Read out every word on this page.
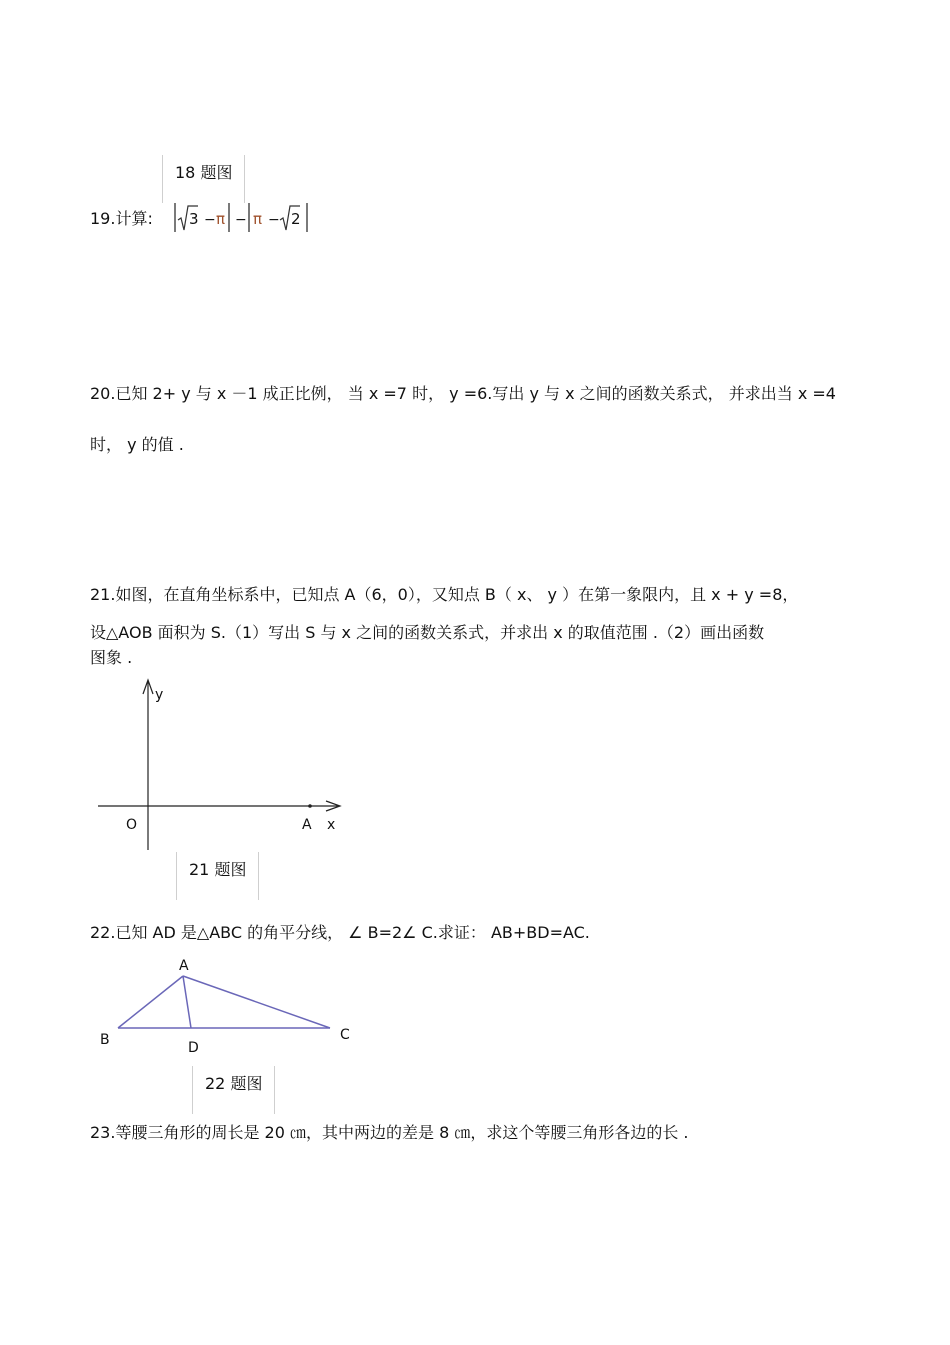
18 题图
19.计算: 3 − π − π − 2
20.已知 2+ y 与 x －1 成正比例， 当 x =7 时， y =6.写出 y 与 x 之间的函数关系式， 并求出当 x =4
时， y 的值 .
21.如图，在直角坐标系中，已知点 A（6，0），又知点 B（ x、 y ）在第一象限内，且 x + y =8，
设△AOB 面积为 S.（1）写出 S 与 x 之间的函数关系式，并求出 x 的取值范围 .（2）画出函数
图象 .
y
O	A x
21 题图
22.已知 AD 是△ABC 的角平分线， ∠ B=2∠ C.求证： AB+BD=AC.
A
B	C
D
22 题图
23.等腰三角形的周长是 20 ㎝，其中两边的差是 8 ㎝，求这个等腰三角形各边的长 .
